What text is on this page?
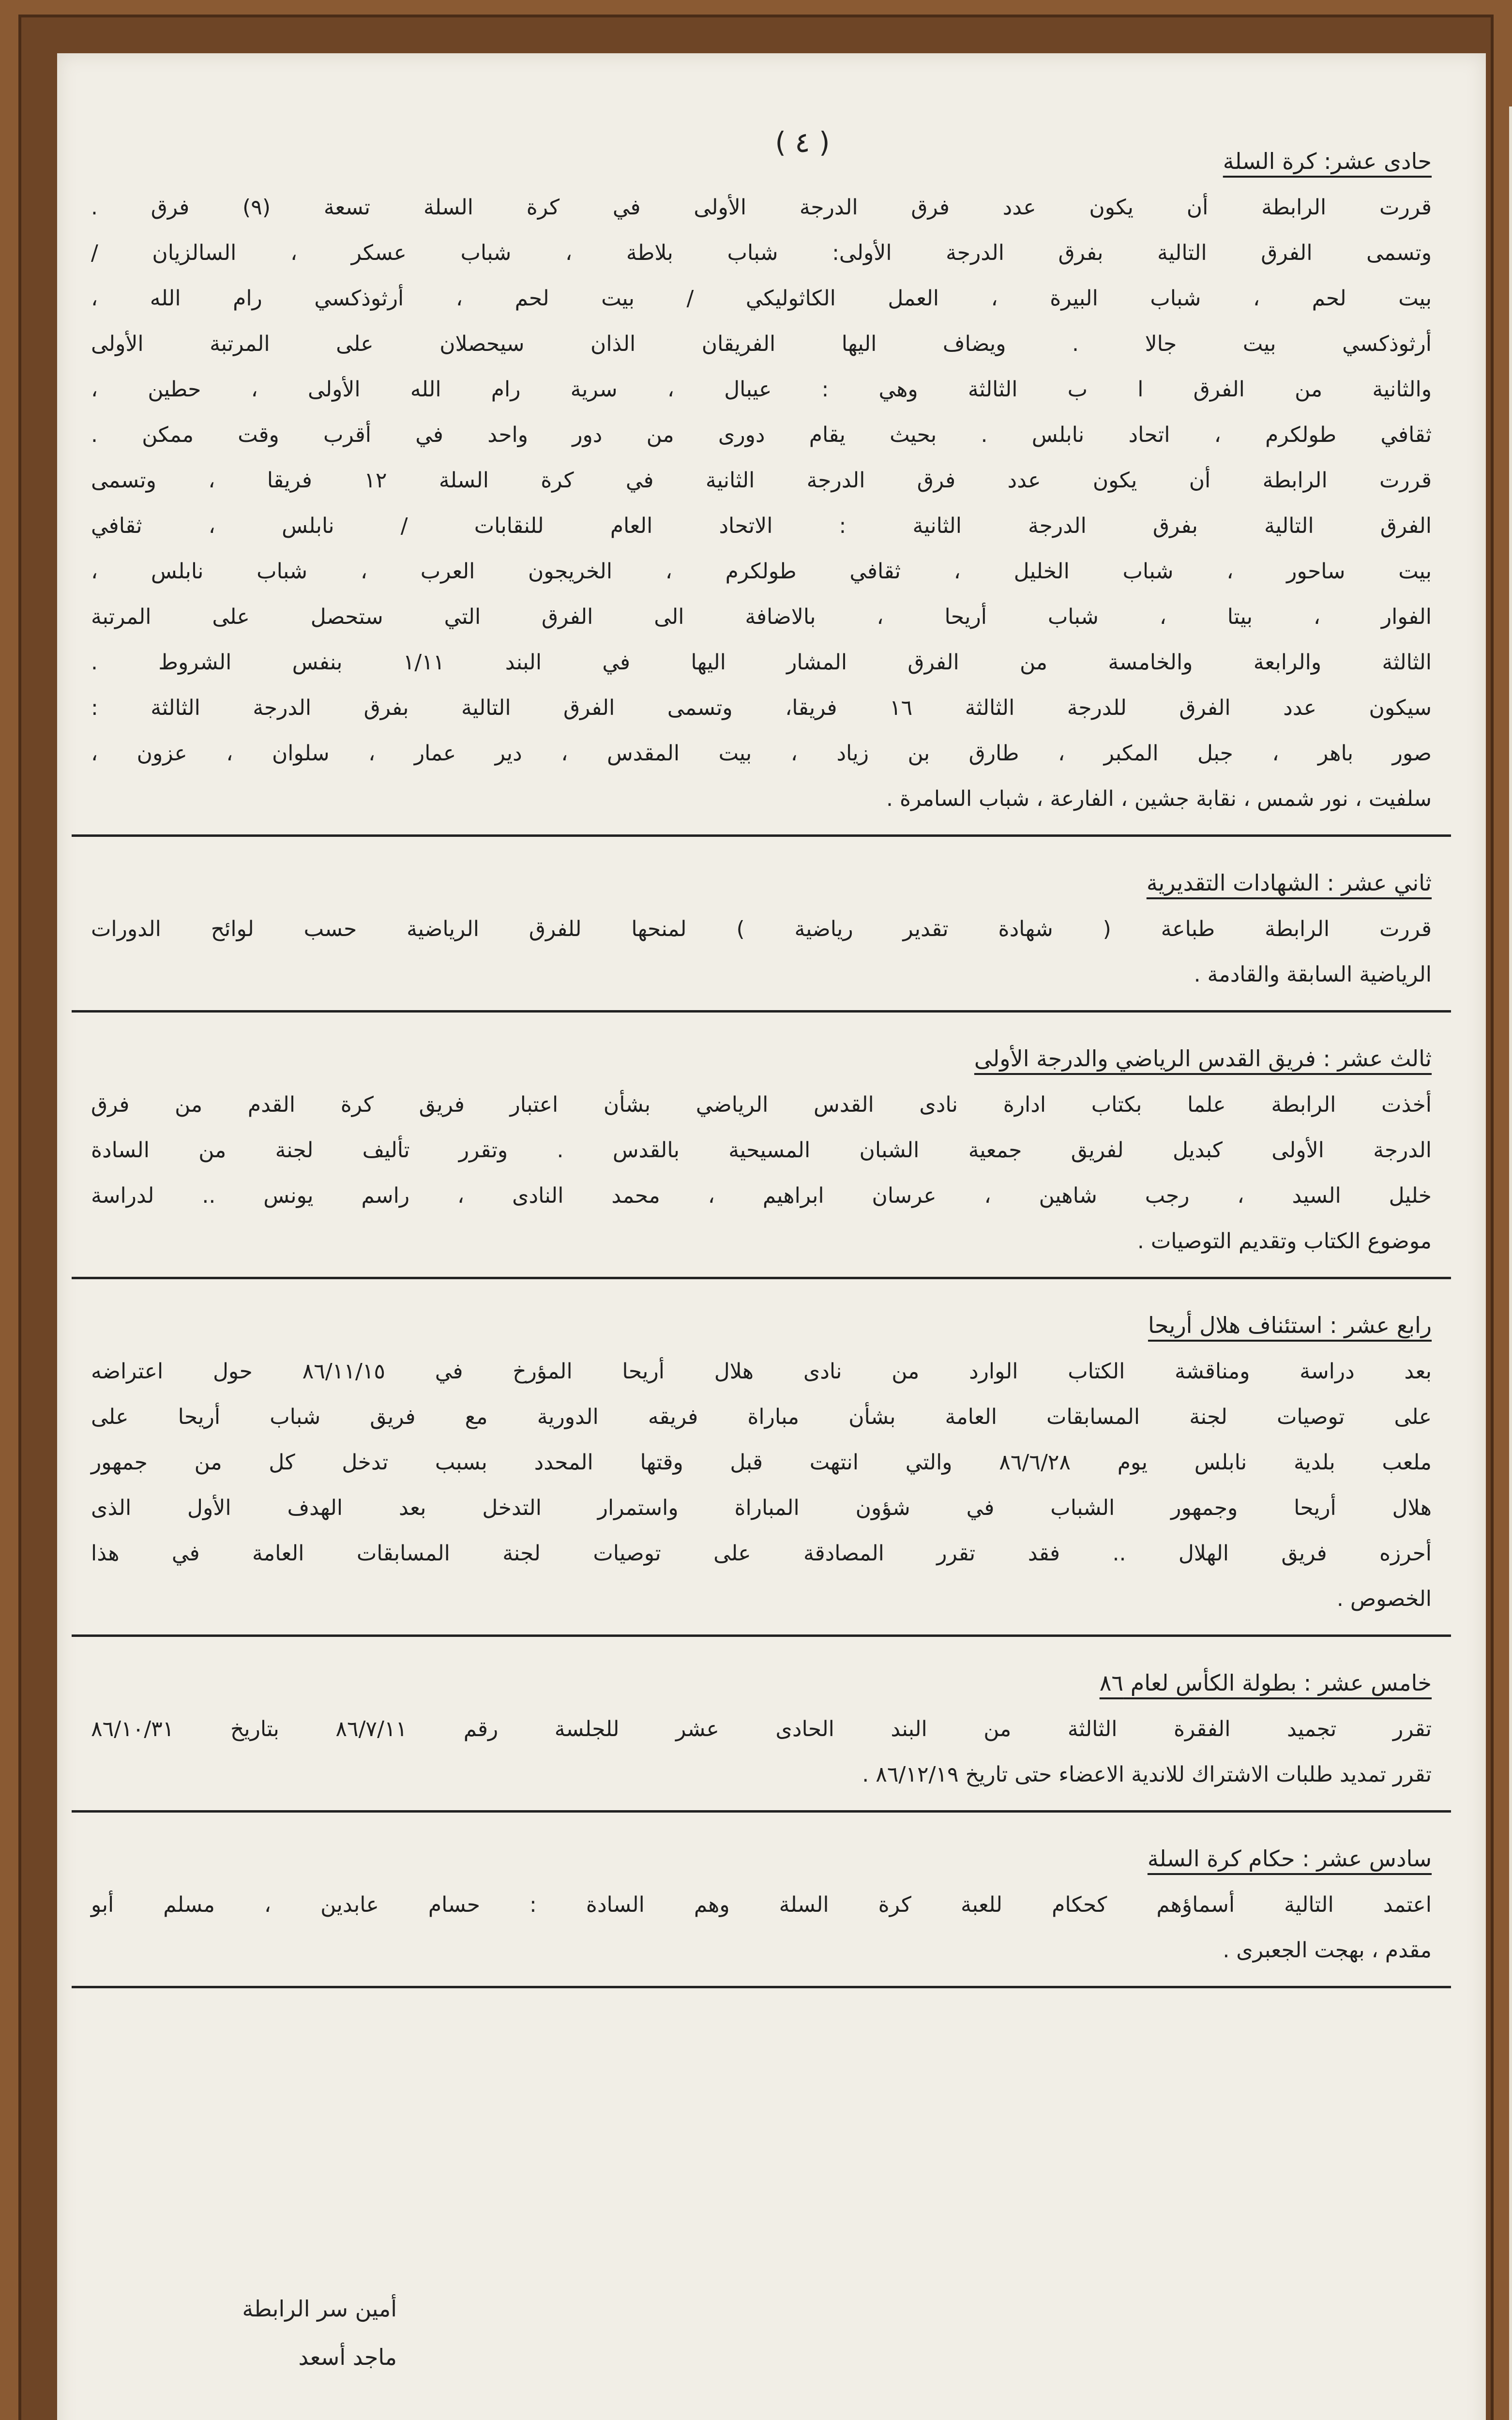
( ٤ )
حادى عشر: كرة السلة
قررت الرابطة أن يكون عدد فرق الدرجة الأولى في كرة السلة تسعة (٩) فرق .
وتسمى الفرق التالية بفرق الدرجة الأولى: شباب بلاطة ، شباب عسكر ، السالزيان /
بيت لحم ، شباب البيرة ، العمل الكاثوليكي / بيت لحم ، أرثوذكسي رام الله ،
أرثوذكسي بيت جالا . ويضاف اليها الفريقان الذان سيحصلان على المرتبة الأولى
والثانية من الفرق ا ب الثالثة وهي : عيبال ، سرية رام الله الأولى ، حطين ،
ثقافي طولكرم ، اتحاد نابلس . بحيث يقام دورى من دور واحد في أقرب وقت ممكن .
قررت الرابطة أن يكون عدد فرق الدرجة الثانية في كرة السلة ١٢ فريقا ، وتسمى
الفرق التالية بفرق الدرجة الثانية : الاتحاد العام للنقابات / نابلس ، ثقافي
بيت ساحور ، شباب الخليل ، ثقافي طولكرم ، الخريجون العرب ، شباب نابلس ،
الفوار ، بيتا ، شباب أريحا ، بالاضافة الى الفرق التي ستحصل على المرتبة
الثالثة والرابعة والخامسة من الفرق المشار اليها في البند ١/١١ بنفس الشروط .
سيكون عدد الفرق للدرجة الثالثة ١٦ فريقا، وتسمى الفرق التالية بفرق الدرجة الثالثة :
صور باهر ، جبل المكبر ، طارق بن زياد ، بيت المقدس ، دير عمار ، سلوان ، عزون ،
سلفيت ، نور شمس ، نقابة جشين ، الفارعة ، شباب السامرة .
ثاني عشر : الشهادات التقديرية
قررت الرابطة طباعة ( شهادة تقدير رياضية ) لمنحها للفرق الرياضية حسب لوائح الدورات
الرياضية السابقة والقادمة .
ثالث عشر : فريق القدس الرياضي والدرجة الأولى
أخذت الرابطة علما بكتاب ادارة نادى القدس الرياضي بشأن اعتبار فريق كرة القدم من فرق
الدرجة الأولى كبديل لفريق جمعية الشبان المسيحية بالقدس . وتقرر تأليف لجنة من السادة
خليل السيد ، رجب شاهين ، عرسان ابراهيم ، محمد النادى ، راسم يونس .. لدراسة
موضوع الكتاب وتقديم التوصيات .
رابع عشر : استئناف هلال أريحا
بعد دراسة ومناقشة الكتاب الوارد من نادى هلال أريحا المؤرخ في ٨٦/١١/١٥ حول اعتراضه
على توصيات لجنة المسابقات العامة بشأن مباراة فريقه الدورية مع فريق شباب أريحا على
ملعب بلدية نابلس يوم ٨٦/٦/٢٨ والتي انتهت قبل وقتها المحدد بسبب تدخل كل من جمهور
هلال أريحا وجمهور الشباب في شؤون المباراة واستمرار التدخل بعد الهدف الأول الذى
أحرزه فريق الهلال .. فقد تقرر المصادقة على توصيات لجنة المسابقات العامة في هذا
الخصوص .
خامس عشر : بطولة الكأس لعام ٨٦
تقرر تجميد الفقرة الثالثة من البند الحادى عشر للجلسة رقم ٨٦/٧/١١ بتاريخ ٨٦/١٠/٣١
تقرر تمديد طلبات الاشتراك للاندية الاعضاء حتى تاريخ ٨٦/١٢/١٩ .
سادس عشر : حكام كرة السلة
اعتمد التالية أسماؤهم كحكام للعبة كرة السلة وهم السادة : حسام عابدين ، مسلم أبو
مقدم ، بهجت الجعبرى .
أمين سر الرابطة
ماجد أسعد
